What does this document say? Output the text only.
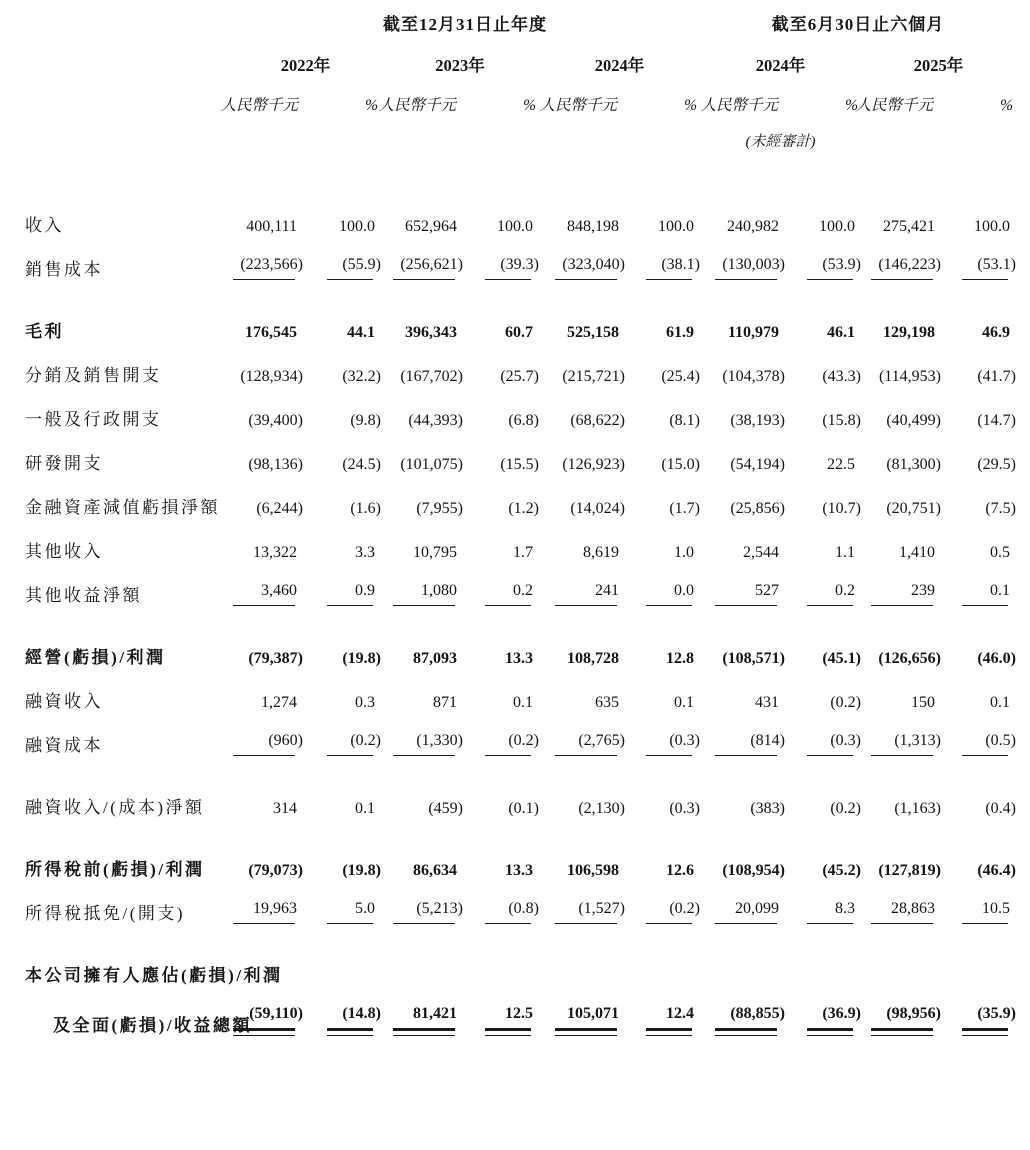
截至12月31日止年度	截至6月30日止六個月
2022年	2023年	2024年	2024年	2025年
人民幣千元	% 人民幣千元	% 人民幣千元	% 人民幣千元	%
人民幣千元	%
(未經審計)
收入	400,111	100.0	652,964	100.0	848,198	100.0	240,982	100.0	275,421	100.0
銷售成本	(223,566)	(55.9)	(256,621)	(39.3)	(323,040)	(38.1)	(130,003)	(53.9)	(146,223)	(53.1)
毛利	176,545	44.1	396,343	60.7	525,158	61.9	110,979	46.1	129,198	46.9
分銷及銷售開支	(128,934)	(32.2)	(167,702)	(25.7)	(215,721)	(25.4)	(104,378)	(43.3)	(114,953)	(41.7)
一般及行政開支	(39,400)	(9.8)	(44,393)	(6.8)	(68,622)	(8.1)	(38,193)	(15.8)	(40,499)	(14.7)
研發開支	(98,136)	(24.5)	(101,075)	(15.5)	(126,923)	(15.0)	(54,194)	22.5	(81,300)	(29.5)
金融資產減值虧損淨額	(6,244)	(1.6)	(7,955)	(1.2)	(14,024)	(1.7)	(25,856)	(10.7)	(20,751)	(7.5)
其他收入	13,322	3.3	10,795	1.7	8,619	1.0	2,544	1.1	1,410	0.5
其他收益淨額	3,460	0.9	1,080	0.2	241	0.0	527	0.2	239	0.1
經營(虧損)/利潤	(79,387)	(19.8)	87,093	13.3	108,728	12.8	(108,571)	(45.1)	(126,656)	(46.0)
融資收入	1,274	0.3	871	0.1	635	0.1	431	(0.2)	150	0.1
融資成本	(960)	(0.2)	(1,330)	(0.2)	(2,765)	(0.3)	(814)	(0.3)	(1,313)	(0.5)
融資收入/(成本)淨額	314	0.1	(459)	(0.1)	(2,130)	(0.3)	(383)	(0.2)	(1,163)	(0.4)
所得稅前(虧損)/利潤	(79,073)	(19.8)	86,634	13.3	106,598	12.6	(108,954)	(45.2)	(127,819)	(46.4)
所得稅抵免/(開支)	19,963	5.0	(5,213)	(0.8)	(1,527)	(0.2)	20,099	8.3	28,863	10.5
本公司擁有人應佔(虧損)/利潤
及全面(虧損)/收益總額
(59,110)	(14.8)	81,421	12.5	105,071	12.4	(88,855)	(36.9)	(98,956)	(35.9)
